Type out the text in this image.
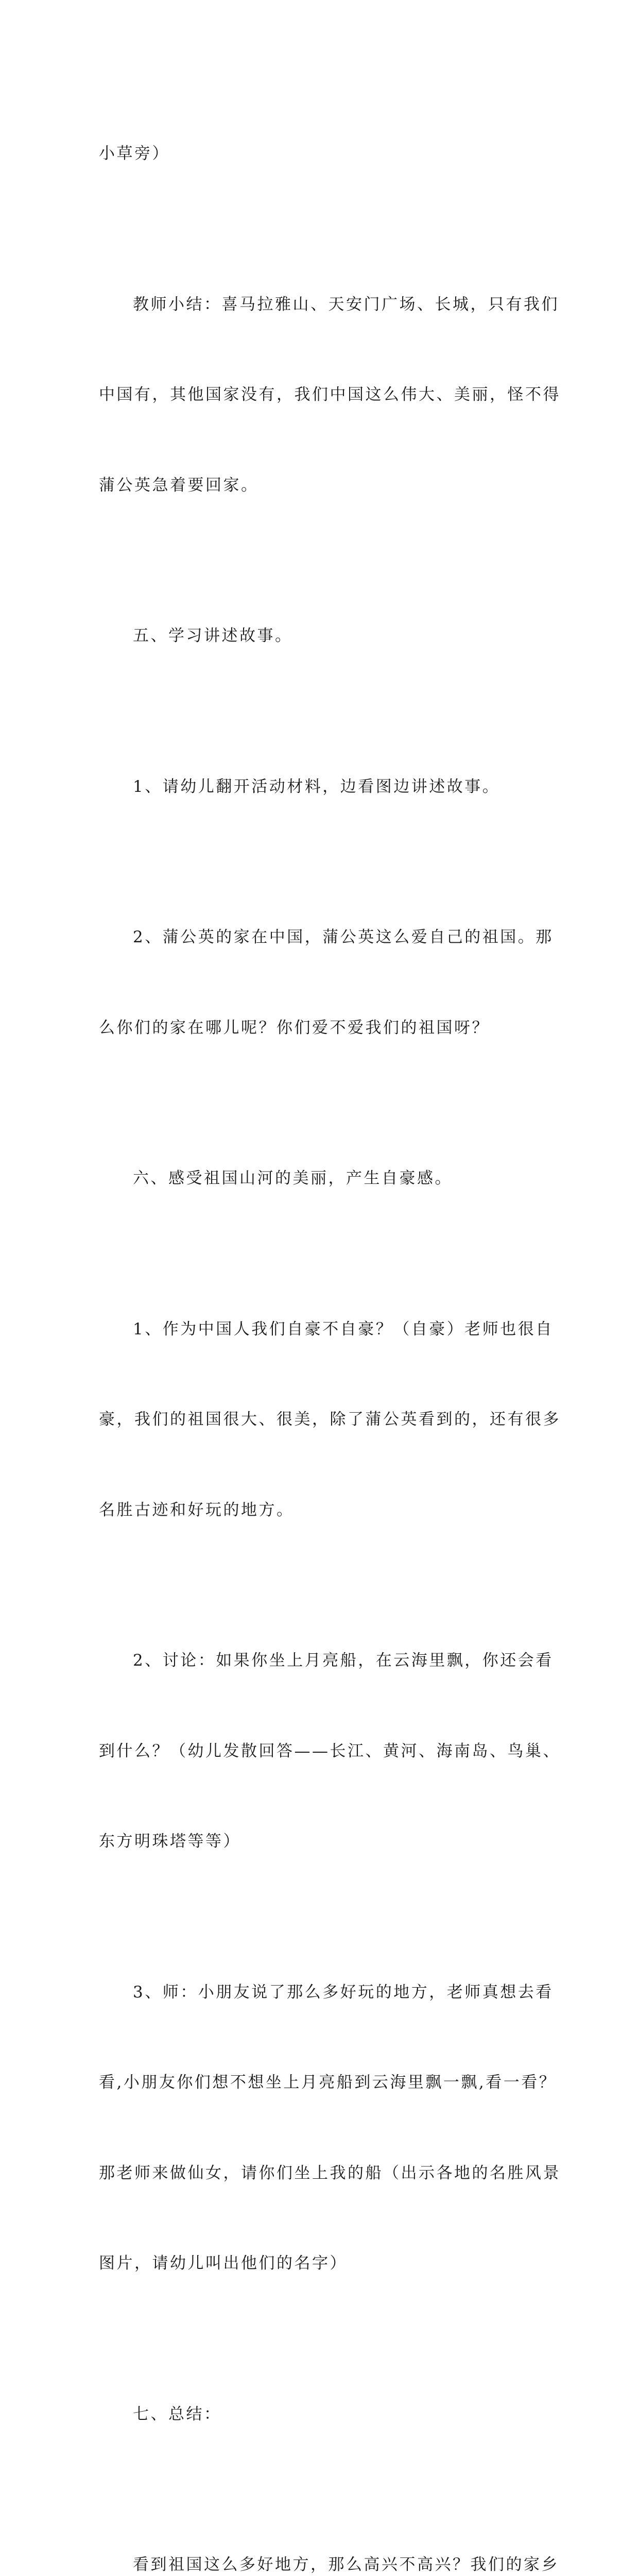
小草旁）

教师小结：喜马拉雅山、天安门广场、长城，只有我们

中国有，其他国家没有，我们中国这么伟大、美丽，怪不得

蒲公英急着要回家。

五、学习讲述故事。

1、请幼儿翻开活动材料，边看图边讲述故事。

2、蒲公英的家在中国，蒲公英这么爱自己的祖国。那

么你们的家在哪儿呢？你们爱不爱我们的祖国呀？

六、感受祖国山河的美丽，产生自豪感。

1、作为中国人我们自豪不自豪？（自豪）老师也很自

豪，我们的祖国很大、很美，除了蒲公英看到的，还有很多

名胜古迹和好玩的地方。

2、讨论：如果你坐上月亮船，在云海里飘，你还会看

到什么？（幼儿发散回答——长江、黄河、海南岛、鸟巢、

东方明珠塔等等）

3、师：小朋友说了那么多好玩的地方，老师真想去看

看,小朋友你们想不想坐上月亮船到云海里飘一飘,看一看？

那老师来做仙女，请你们坐上我的船（出示各地的名胜风景

图片，请幼儿叫出他们的名字）

七、总结：

看到祖国这么多好地方，那么高兴不高兴？我们的家乡
